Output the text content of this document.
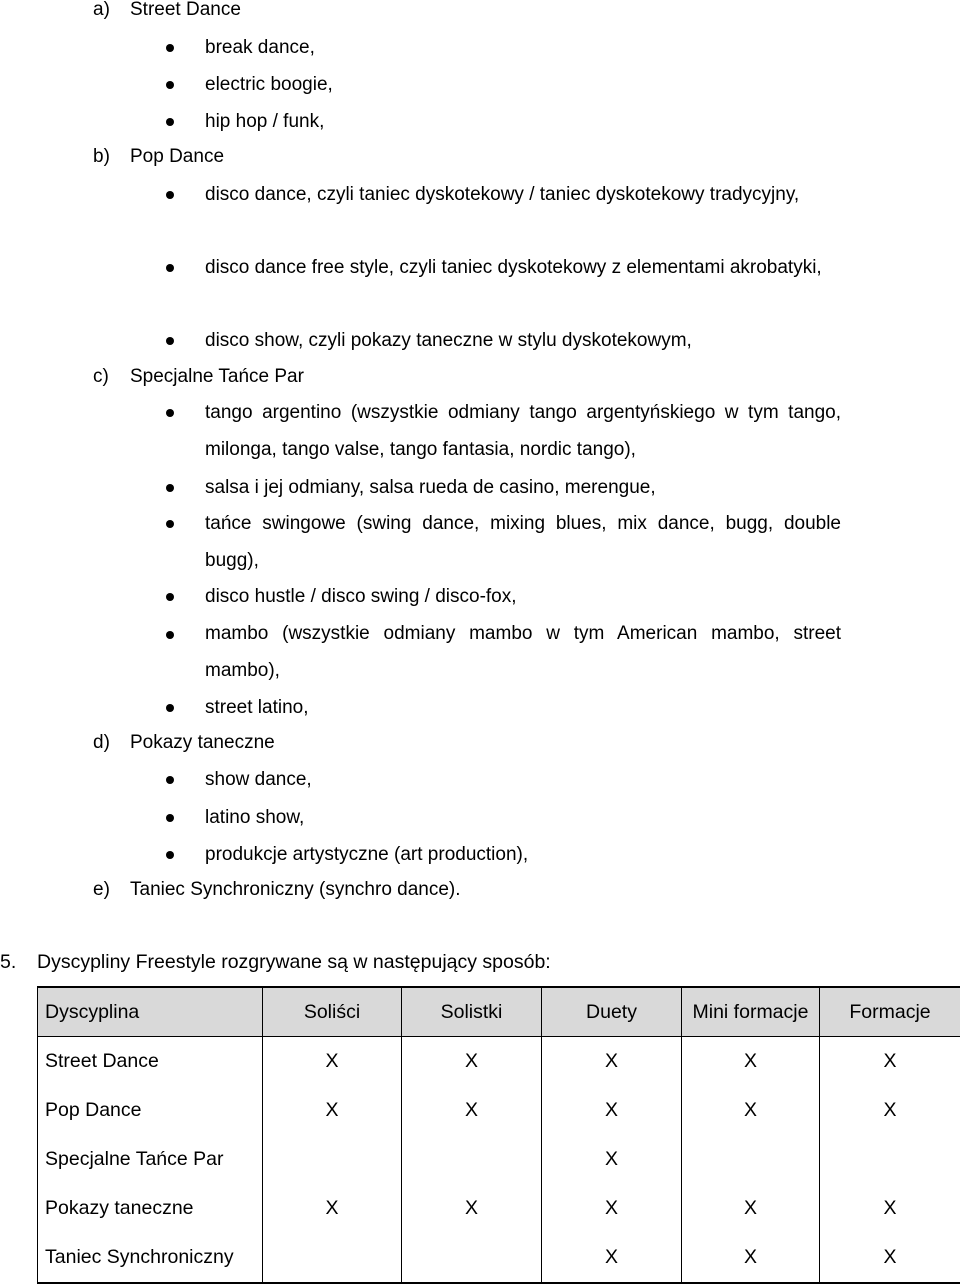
a) Street Dance
break dance,
electric boogie,
hip hop / funk,
b) Pop Dance
disco dance, czyli taniec dyskotekowy / taniec dyskotekowy tradycyjny,
disco dance free style, czyli taniec dyskotekowy z elementami akrobatyki,
disco show, czyli pokazy taneczne w stylu dyskotekowym,
c) Specjalne Tańce Par
tango argentino (wszystkie odmiany tango argentyńskiego w tym tango, milonga, tango valse, tango fantasia, nordic tango),
salsa i jej odmiany, salsa rueda de casino, merengue,
tańce swingowe (swing dance, mixing blues, mix dance, bugg, double bugg),
disco hustle / disco swing / disco-fox,
mambo (wszystkie odmiany mambo w tym American mambo, street mambo),
street latino,
d) Pokazy taneczne
show dance,
latino show,
produkcje artystyczne (art production),
e) Taniec Synchroniczny (synchro dance).
5. Dyscypliny Freestyle rozgrywane są w następujący sposób:
Dyscyplina	Soliści	Solistki	Duety	Mini formacje	Formacje
Street Dance	X	X	X	X	X
Pop Dance	X	X	X	X	X
Specjalne Tańce Par			X		
Pokazy taneczne	X	X	X	X	X
Taniec Synchroniczny			X	X	X
